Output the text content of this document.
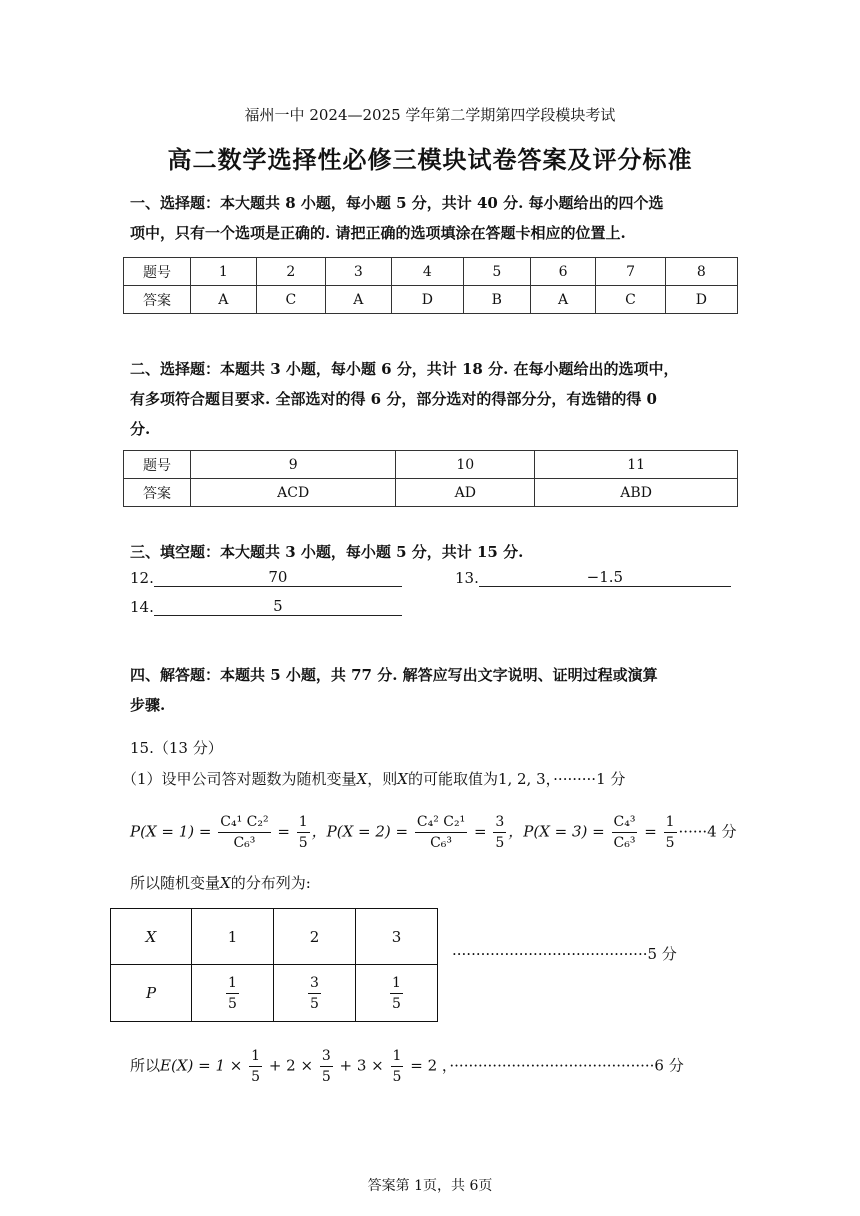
福州一中 2024—2025 学年第二学期第四学段模块考试
高二数学选择性必修三模块试卷答案及评分标准
一、选择题：本大题共 8 小题，每小题 5 分，共计 40 分. 每小题给出的四个选
项中，只有一个选项是正确的. 请把正确的选项填涂在答题卡相应的位置上.
题号	1	2	3	4	5	6	7	8
答案	A	C	A	D	B	A	C	D
二、选择题：本题共 3 小题，每小题 6 分，共计 18 分. 在每小题给出的选项中，
有多项符合题目要求. 全部选对的得 6 分，部分选对的得部分分，有选错的得 0
分.
题号	9	10	11
答案	ACD	AD	ABD
三、填空题：本大题共 3 小题，每小题 5 分，共计 15 分.
12.	70	13.	−1.5
14.	5
四、解答题：本题共 5 小题，共 77 分. 解答应写出文字说明、证明过程或演算
步骤.
15.（13 分）
（1）设甲公司答对题数为随机变量X，则X的可能取值为1, 2, 3，·········1 分
$P(X = 1) = \frac{\text{C₄¹ C₂²}}{\text{C₆³}} = \frac{1}{5}$ ，$P(X = 2) = \frac{\text{C₄² C₂¹}}{\text{C₆³}} = \frac{3}{5}$ ，$P(X = 3) = \frac{\text{C₄³}}{\text{C₆³}} = \frac{1}{5} \cdot\cdot\cdot\cdot\cdot\cdot 4$ 分
所以随机变量X的分布列为:
X	1	2	3
P	$\frac{1}{5}$	$\frac{3}{5}$	$\frac{1}{5}$
·········································5 分
所以$E(X) = 1 \times \frac{1}{5} + 2 \times \frac{3}{5} + 3 \times \frac{1}{5} = 2$ ，···········································6 分
答案第 1页，共 6页
